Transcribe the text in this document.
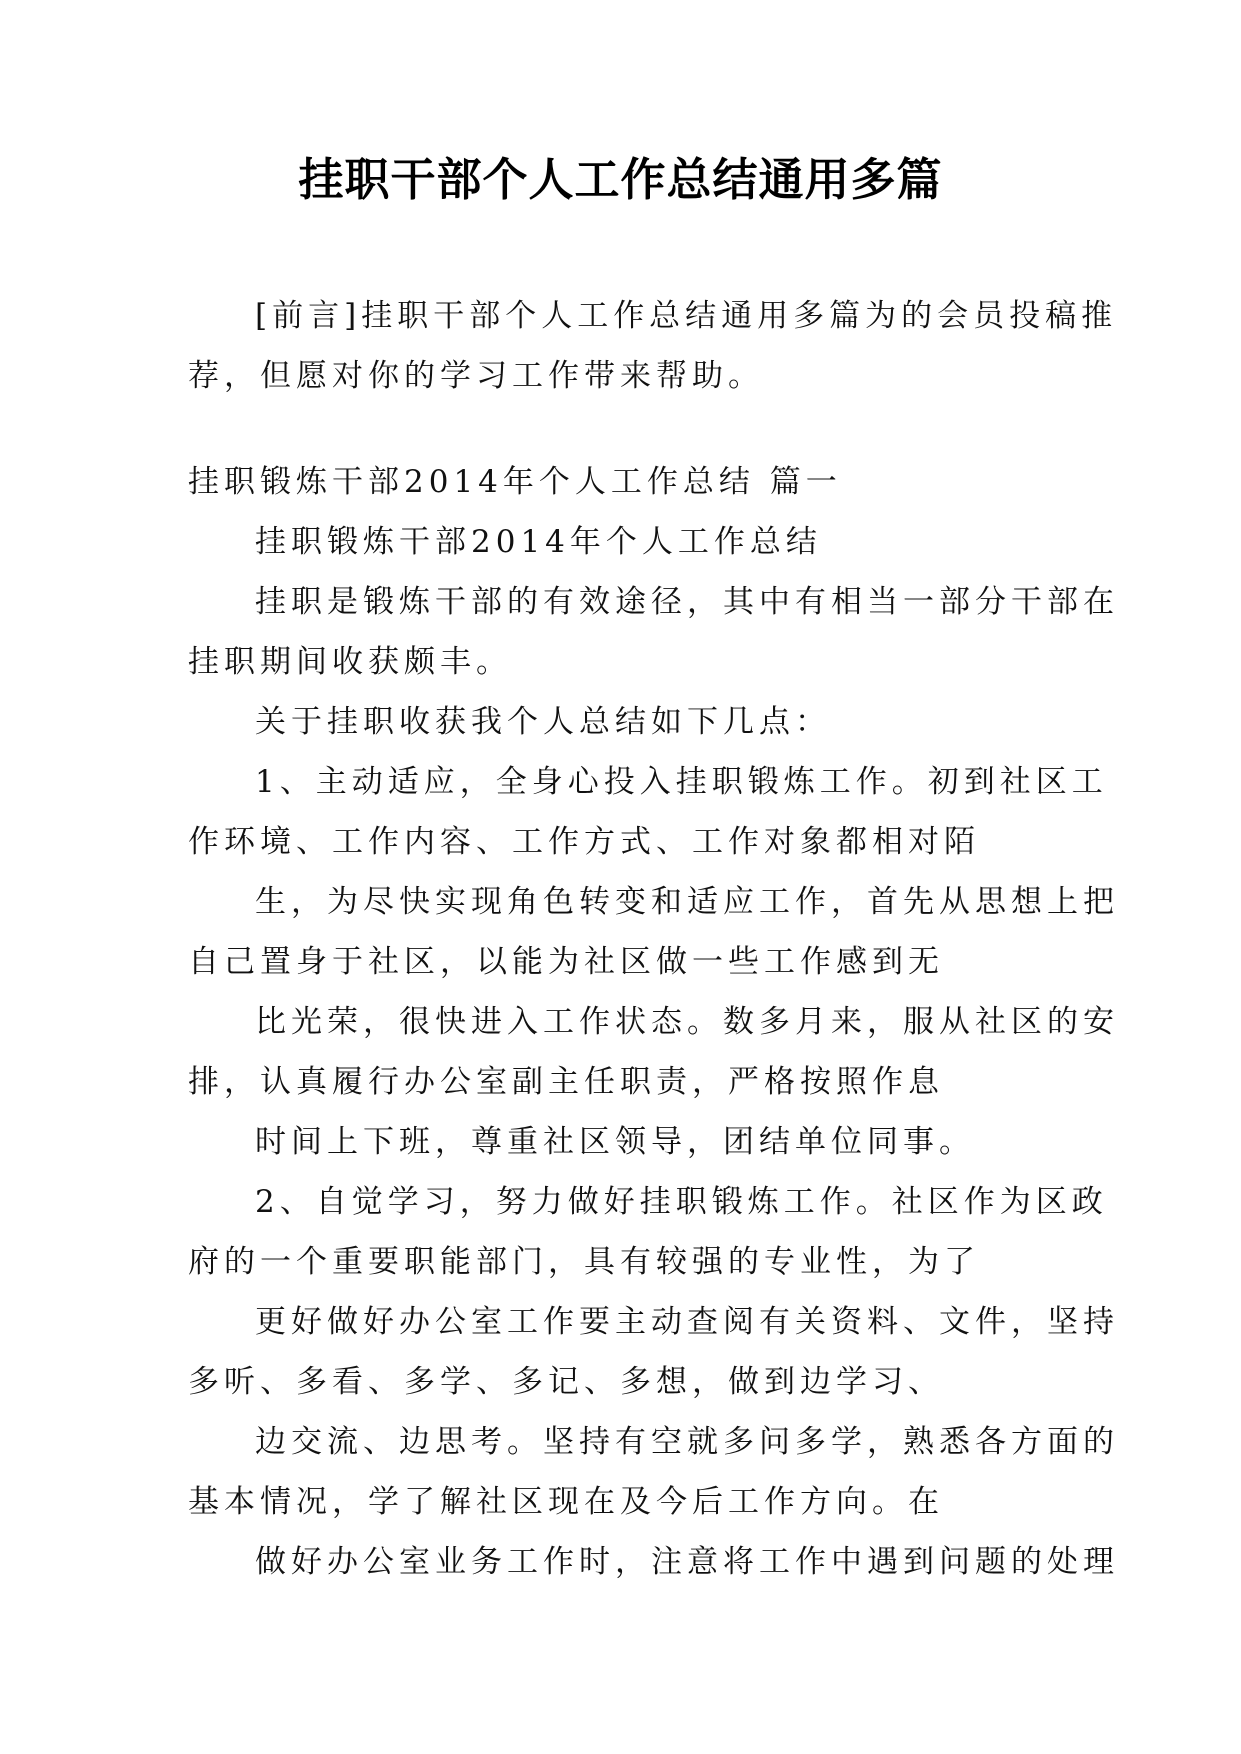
挂职干部个人工作总结通用多篇
[前言]挂职干部个人工作总结通用多篇为的会员投稿推
荐，但愿对你的学习工作带来帮助。
挂职锻炼干部2014年个人工作总结 篇一
挂职锻炼干部2014年个人工作总结
挂职是锻炼干部的有效途径，其中有相当一部分干部在
挂职期间收获颇丰。
关于挂职收获我个人总结如下几点：
1、主动适应，全身心投入挂职锻炼工作。初到社区工
作环境、工作内容、工作方式、工作对象都相对陌
生，为尽快实现角色转变和适应工作，首先从思想上把
自己置身于社区，以能为社区做一些工作感到无
比光荣，很快进入工作状态。数多月来，服从社区的安
排，认真履行办公室副主任职责，严格按照作息
时间上下班，尊重社区领导，团结单位同事。
2、自觉学习，努力做好挂职锻炼工作。社区作为区政
府的一个重要职能部门，具有较强的专业性，为了
更好做好办公室工作要主动查阅有关资料、文件，坚持
多听、多看、多学、多记、多想，做到边学习、
边交流、边思考。坚持有空就多问多学，熟悉各方面的
基本情况，学了解社区现在及今后工作方向。在
做好办公室业务工作时，注意将工作中遇到问题的处理
